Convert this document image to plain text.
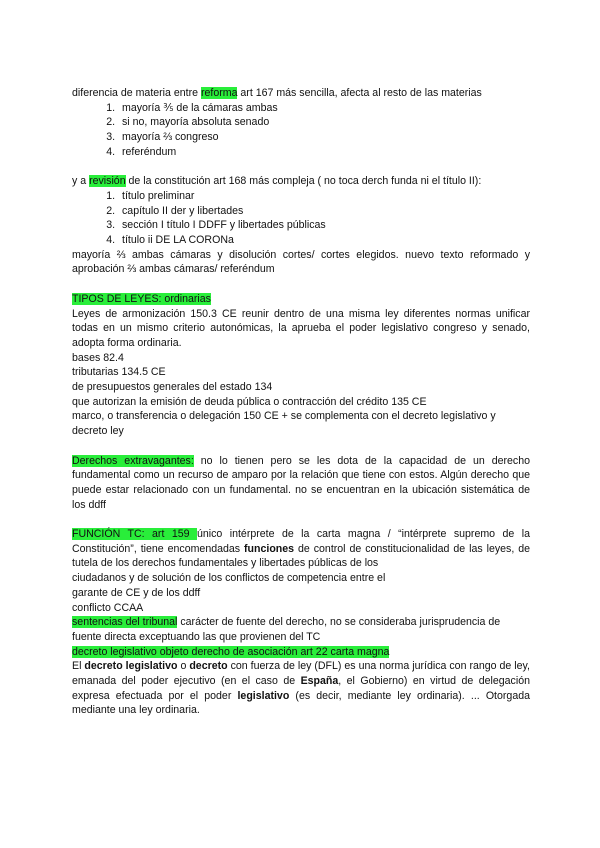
diferencia de materia entre reforma art 167 más sencilla, afecta al resto de las materias

1. mayoría ⅗ de la cámaras ambas
2. si no, mayoría absoluta senado
3. mayoría ⅔ congreso
4. referéndum

y a revisión de la constitución art 168 más compleja ( no toca derch funda ni el título II):

1. título preliminar
2. capítulo II der y libertades
3. sección I título I DDFF y libertades públicas
4. título ii DE LA CORONa

mayoría ⅔ ambas cámaras y disolución cortes/ cortes elegidos. nuevo texto reformado y aprobación ⅔ ambas cámaras/ referéndum

TIPOS DE LEYES: ordinarias

Leyes de armonización 150.3 CE reunir dentro de una misma ley diferentes normas unificar todas en un mismo criterio autonómicas, la aprueba el poder legislativo congreso y senado, adopta forma ordinaria.

bases 82.4

tributarias 134.5 CE

de presupuestos generales del estado 134

que autorizan la emisión de deuda pública o contracción del crédito 135 CE

marco, o transferencia o delegación 150 CE + se complementa con el decreto legislativo y decreto ley

Derechos extravagantes: no lo tienen pero se les dota de la capacidad de un derecho fundamental como un recurso de amparo por la relación que tiene con estos. Algún derecho que puede estar relacionado con un fundamental. no se encuentran en la ubicación sistemática de los ddff

FUNCIÓN TC: art 159 único intérprete de la carta magna / “intérprete supremo de la Constitución”, tiene encomendadas funciones de control de constitucionalidad de las leyes, de tutela de los derechos fundamentales y libertades públicas de los

ciudadanos y de solución de los conflictos de competencia entre el

garante de CE y de los ddff

conflicto CCAA

sentencias del tribunal carácter de fuente del derecho, no se consideraba jurisprudencia de fuente directa exceptuando las que provienen del TC

decreto legislativo objeto derecho de asociación art 22 carta magna

El decreto legislativo o decreto con fuerza de ley (DFL) es una norma jurídica con rango de ley, emanada del poder ejecutivo (en el caso de España, el Gobierno) en virtud de delegación expresa efectuada por el poder legislativo (es decir, mediante ley ordinaria). ... Otorgada mediante una ley ordinaria.
